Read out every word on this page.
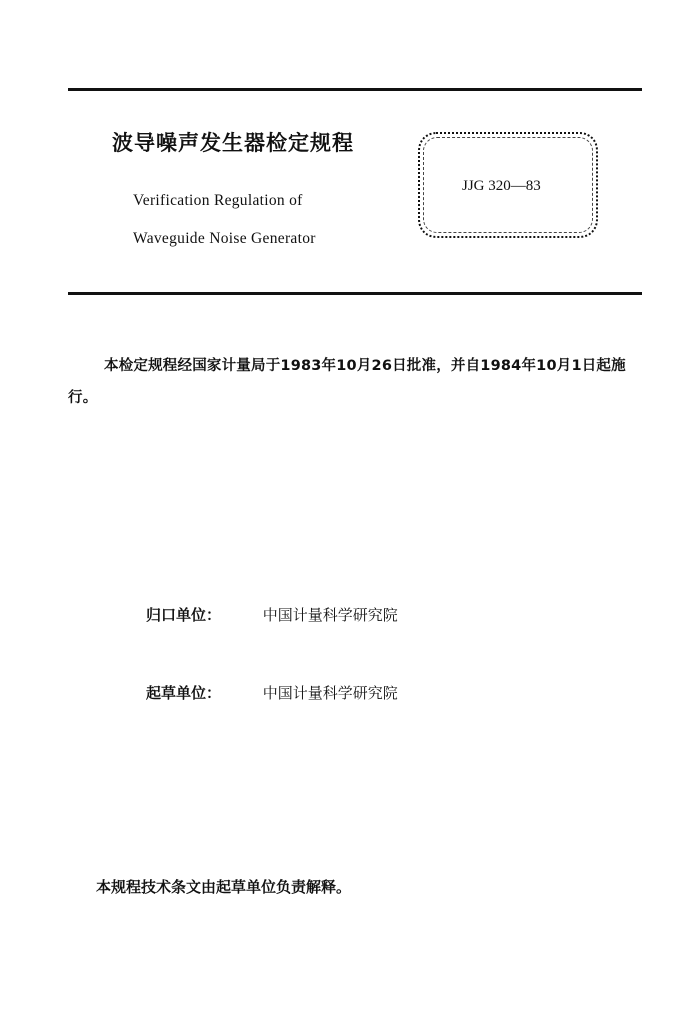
波导噪声发生器检定规程
Verification Regulation of
Waveguide Noise Generator
JJG 320—83
本检定规程经国家计量局于1983年10月26日批准，并自1984年10月1日起施行。
归口单位：	中国计量科学研究院
起草单位：	中国计量科学研究院
本规程技术条文由起草单位负责解释。
